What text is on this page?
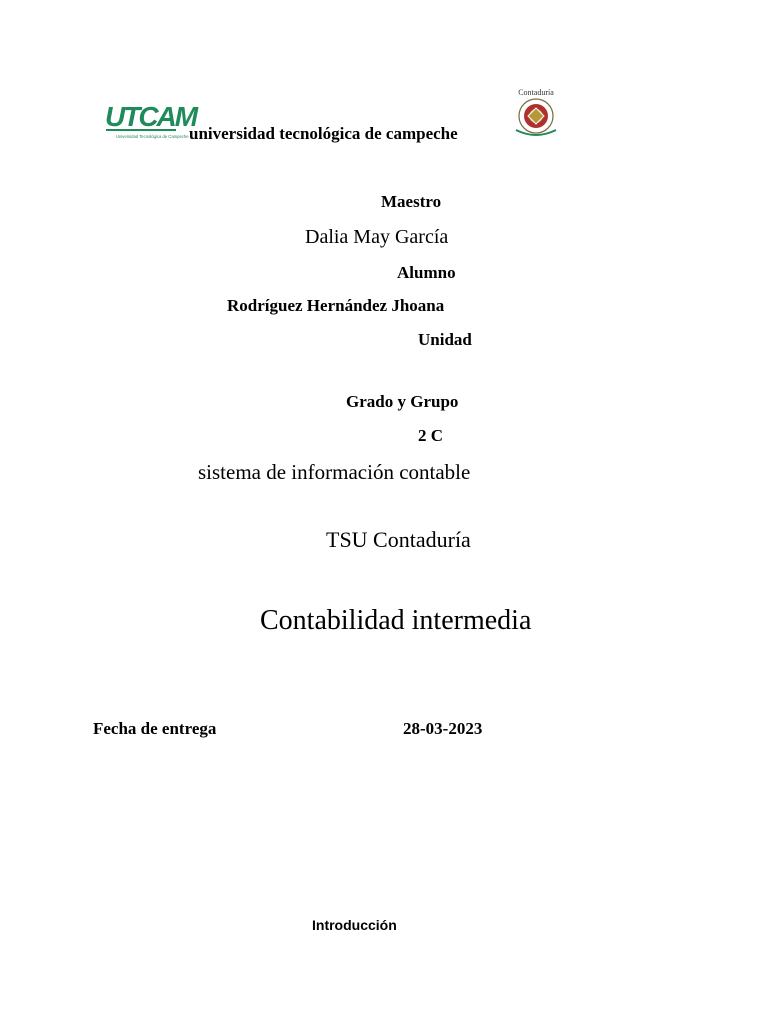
UTCAM
Universidad Tecnológica de Campeche universidad tecnológica de campeche
Contaduría
Maestro
Dalia May García
Alumno
Rodríguez Hernández Jhoana
Unidad
Grado y Grupo
2 C
sistema de información contable
TSU Contaduría
Contabilidad intermedia
Fecha de entrega	28-03-2023
Introducción
